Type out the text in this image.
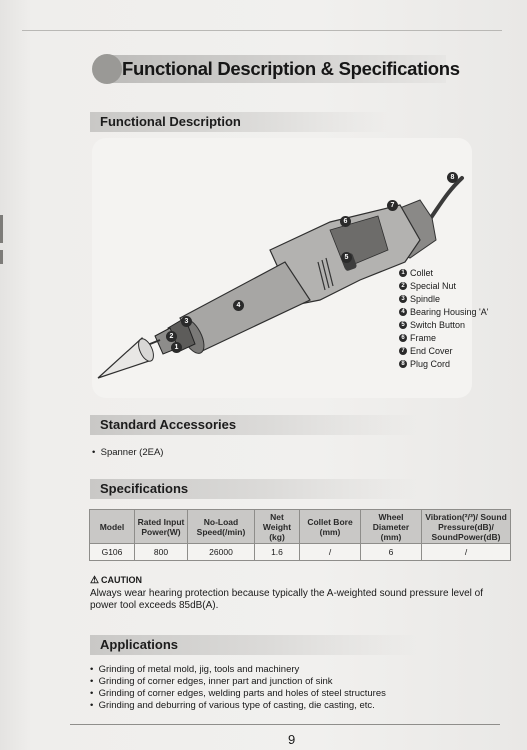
Functional Description & Specifications
Functional Description
1
2
3
4
5
6
7
8
1 Collet
2 Special Nut
3 Spindle
4 Bearing Housing 'A'
5 Switch Button
6 Frame
7 End Cover
8 Plug Cord
Standard Accessories
•  Spanner (2EA)
Specifications
Model	Rated Input Power(W)	No-Load Speed(/min)	Net Weight (kg)	Collet Bore (mm)	Wheel Diameter (mm)	Vibration(²/³)/ Sound Pressure(dB)/ SoundPower(dB)
G106	800	26000	1.6	/	6	/
⚠ CAUTION
Always wear hearing protection because typically the A-weighted sound pressure level of power tool exceeds 85dB(A).
Applications
•  Grinding of metal mold, jig, tools and machinery
•  Grinding of corner edges, inner part and junction of sink
•  Grinding of corner edges, welding parts and holes of steel structures
•  Grinding and deburring of various type of casting, die casting, etc.
9
